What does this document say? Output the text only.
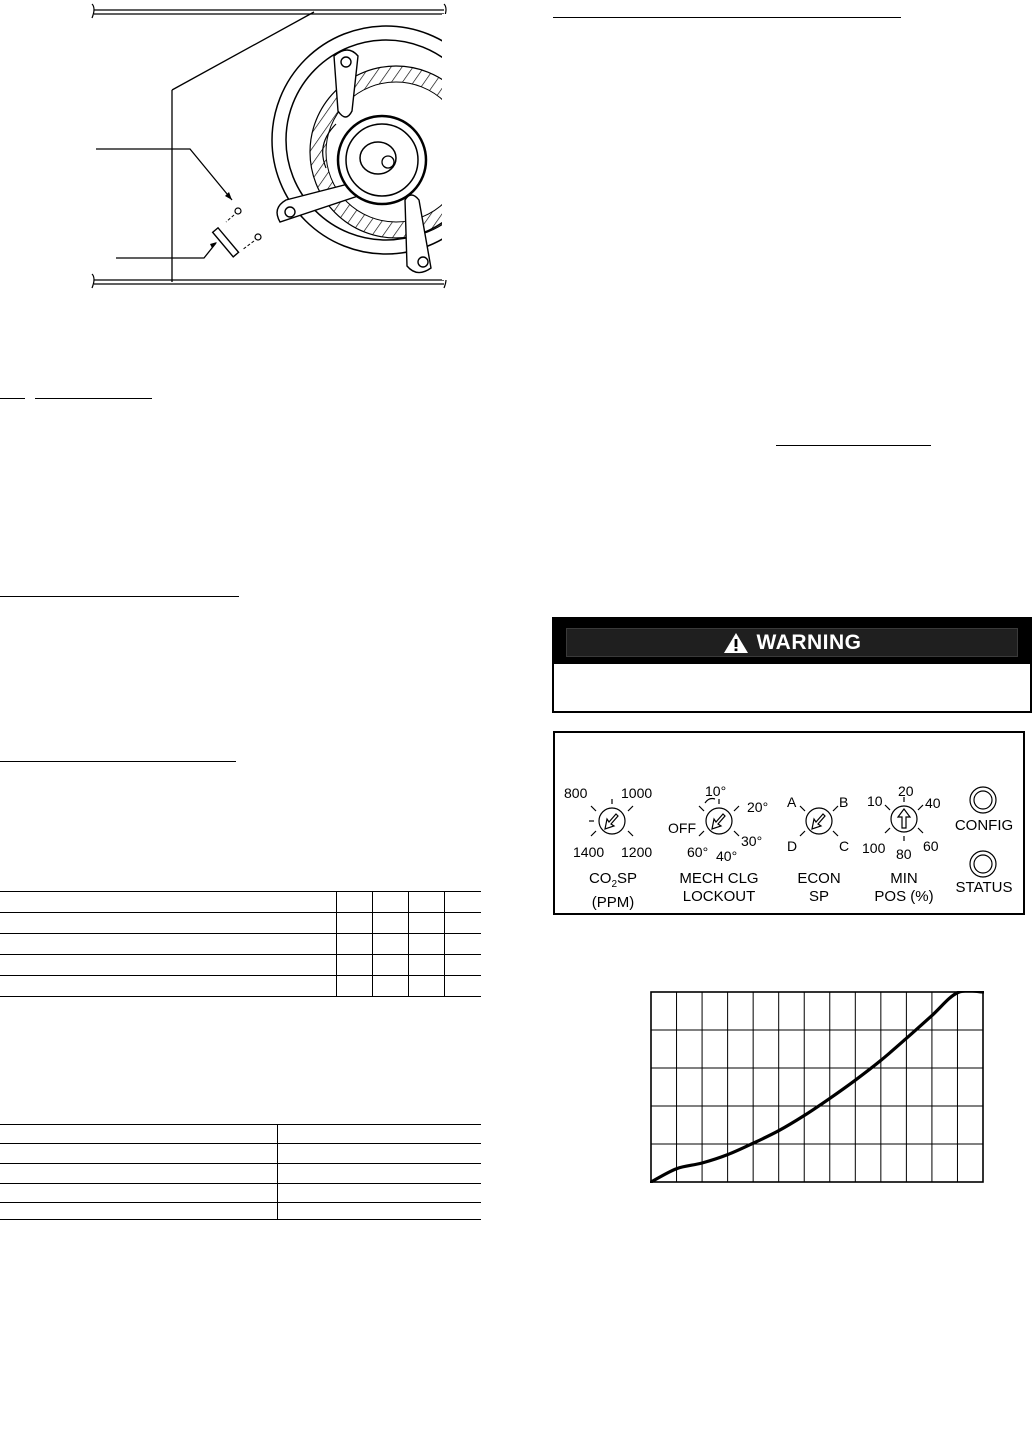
WARNING
800 1000
1400 1200
$CO_2SP$
(PPM)
10°
20°
OFF
30°
60° 40°
MECH CLG
LOCKOUT
A	B
D	C
ECON
SP
10
20
40
100 80 60
MIN
POS (%)
CONFIG
STATUS
